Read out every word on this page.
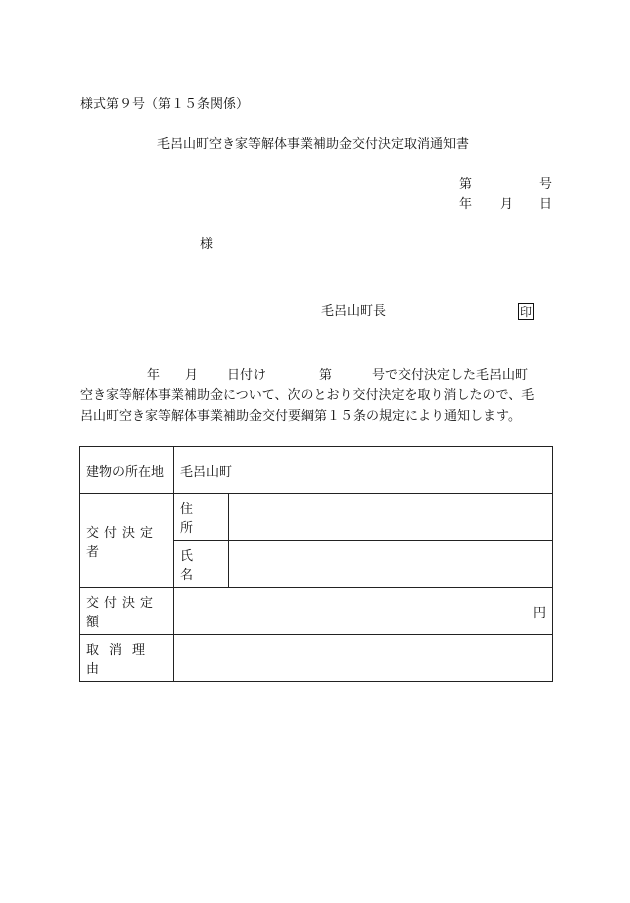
様式第９号（第１５条関係）
毛呂山町空き家等解体事業補助金交付決定取消通知書
第	号
年 月 日
様
毛呂山町長	印
年 月 日付け	第	号で交付決定した毛呂山町
空き家等解体事業補助金について、次のとおり交付決定を取り消したので、毛
呂山町空き家等解体事業補助金交付要綱第１５条の規定により通知します。
建物の所在地	毛呂山町	
交付決定者	住所	
	氏名	
交付決定額	円	
取消理由		
